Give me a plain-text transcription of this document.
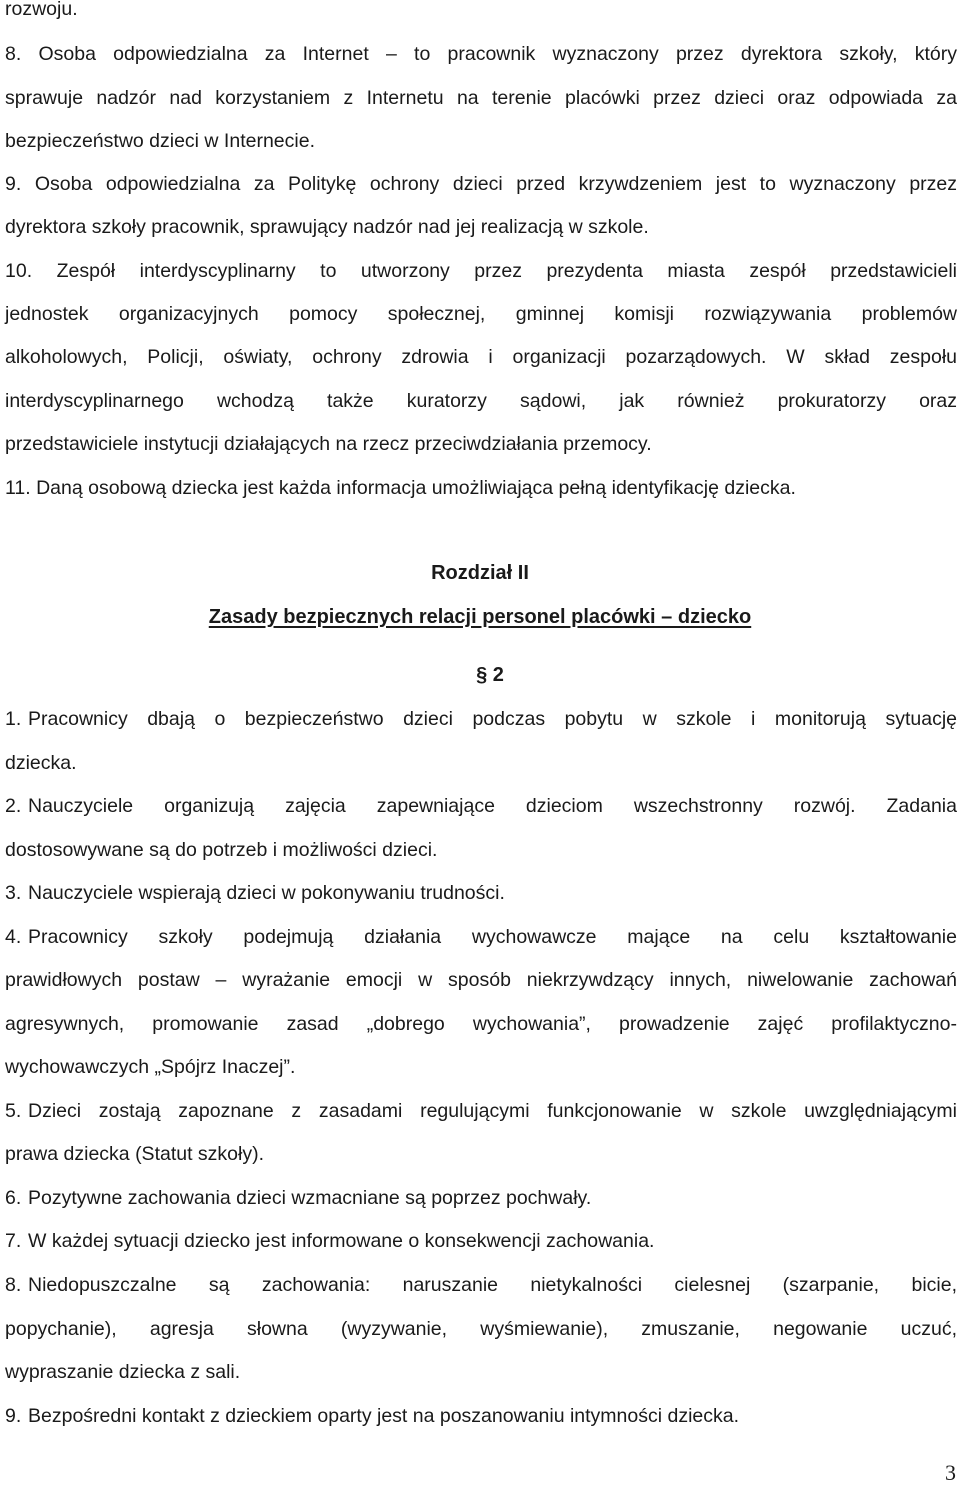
rozwoju.
8. Osoba odpowiedzialna za Internet – to pracownik wyznaczony przez dyrektora szkoły, który
sprawuje nadzór nad korzystaniem z Internetu na terenie placówki przez dzieci oraz odpowiada za
bezpieczeństwo dzieci w Internecie.
9. Osoba odpowiedzialna za Politykę ochrony dzieci przed krzywdzeniem jest to wyznaczony przez
dyrektora szkoły pracownik, sprawujący nadzór nad jej realizacją w szkole.
10. Zespół interdyscyplinarny to utworzony przez prezydenta miasta zespół przedstawicieli
jednostek organizacyjnych pomocy społecznej, gminnej komisji rozwiązywania problemów
alkoholowych, Policji, oświaty, ochrony zdrowia i organizacji pozarządowych. W skład zespołu
interdyscyplinarnego wchodzą także kuratorzy sądowi, jak również prokuratorzy oraz
przedstawiciele instytucji działających na rzecz przeciwdziałania przemocy.
11. Daną osobową dziecka jest każda informacja umożliwiająca pełną identyfikację dziecka.
Rozdział II
Zasady bezpiecznych relacji personel placówki – dziecko
§ 2
1. Pracownicy dbają o bezpieczeństwo dzieci podczas pobytu w szkole i monitorują sytuację
dziecka.
2. Nauczyciele organizują zajęcia zapewniające dzieciom wszechstronny rozwój. Zadania
dostosowywane są do potrzeb i możliwości dzieci.
3. Nauczyciele wspierają dzieci w pokonywaniu trudności.
4. Pracownicy szkoły podejmują działania wychowawcze mające na celu kształtowanie
prawidłowych postaw – wyrażanie emocji w sposób niekrzywdzący innych, niwelowanie zachowań
agresywnych, promowanie zasad „dobrego wychowania”, prowadzenie zajęć profilaktyczno-
wychowawczych „Spójrz Inaczej”.
5. Dzieci zostają zapoznane z zasadami regulującymi funkcjonowanie w szkole uwzględniającymi
prawa dziecka (Statut szkoły).
6. Pozytywne zachowania dzieci wzmacniane są poprzez pochwały.
7. W każdej sytuacji dziecko jest informowane o konsekwencji zachowania.
8. Niedopuszczalne są zachowania: naruszanie nietykalności cielesnej (szarpanie, bicie,
popychanie), agresja słowna (wyzywanie, wyśmiewanie), zmuszanie, negowanie uczuć,
wypraszanie dziecka z sali.
9. Bezpośredni kontakt z dzieckiem oparty jest na poszanowaniu intymności dziecka.
3
